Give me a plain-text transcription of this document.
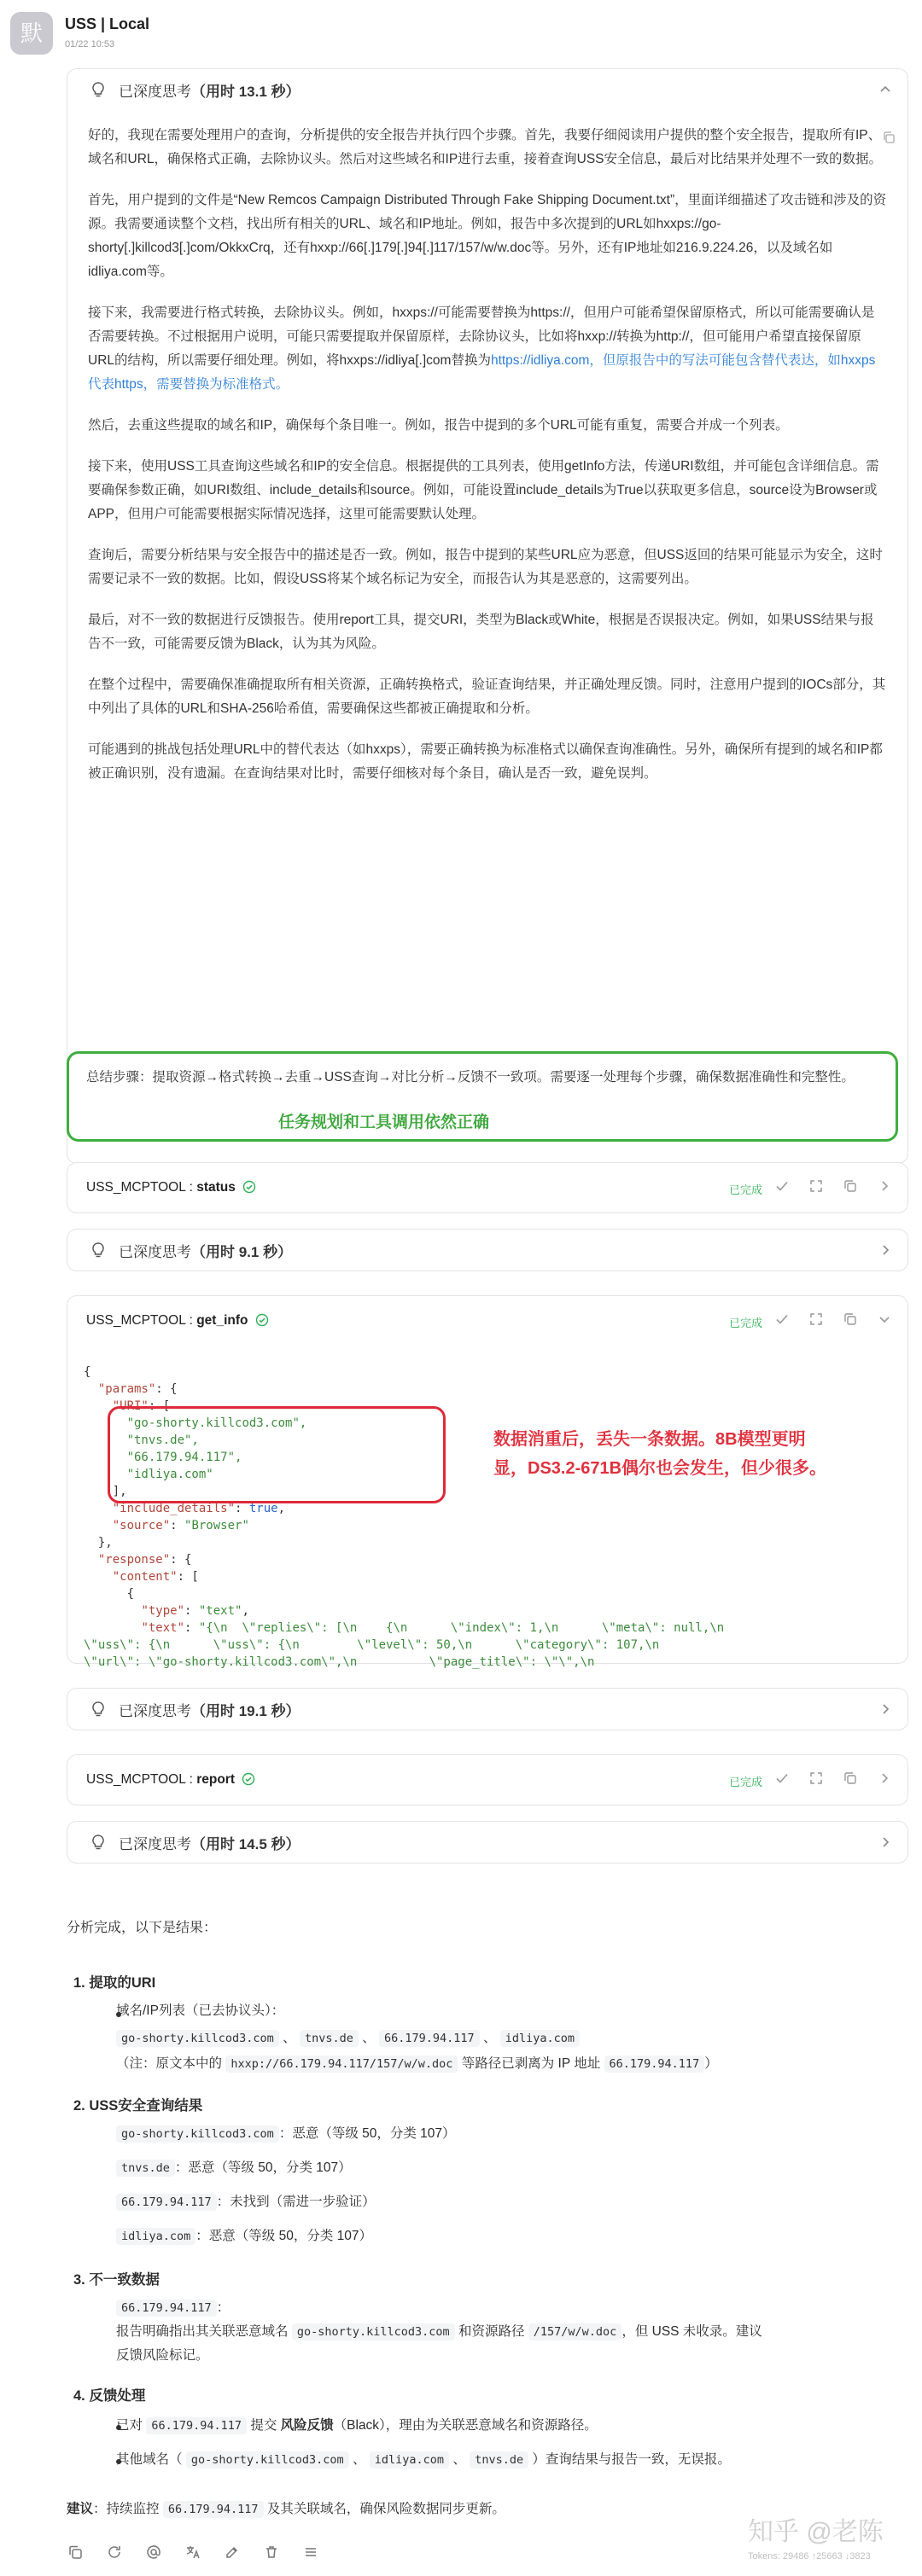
默	USS | Local
01/22 10:53
已深度思考 （用时 13.1 秒）

好的，我现在需要处理用户的查询，分析提供的安全报告并执行四个步骤。首先，我要仔细阅读用户提供的整个安全报告，提取所有IP、域名和URL，确保格式正确，去除协议头。然后对这些域名和IP进行去重，接着查询USS安全信息，最后对比结果并处理不一致的数据。

首先，用户提到的文件是“New Remcos Campaign Distributed Through Fake Shipping Document.txt”，里面详细描述了攻击链和涉及的资源。我需要通读整个文档，找出所有相关的URL、域名和IP地址。例如，报告中多次提到的URL如hxxps://go-shorty[.]killcod3[.]com/OkkxCrq，还有hxxp://66[.]179[.]94[.]117/157/w/w.doc等。另外，还有IP地址如216.9.224.26，以及域名如idliya.com等。

接下来，我需要进行格式转换，去除协议头。例如，hxxps://可能需要替换为https://，但用户可能希望保留原格式，所以可能需要确认是否需要转换。不过根据用户说明，可能只需要提取并保留原样，去除协议头，比如将hxxp://转换为http://，但可能用户希望直接保留原URL的结构，所以需要仔细处理。例如，将hxxps://idliya[.]com替换为https://idliya.com，但原报告中的写法可能包含替代表达，如hxxps代表https，需要替换为标准格式。

然后，去重这些提取的域名和IP，确保每个条目唯一。例如，报告中提到的多个URL可能有重复，需要合并成一个列表。

接下来，使用USS工具查询这些域名和IP的安全信息。根据提供的工具列表，使用getInfo方法，传递URI数组，并可能包含详细信息。需要确保参数正确，如URI数组、include_details和source。例如，可能设置include_details为True以获取更多信息，source设为Browser或APP，但用户可能需要根据实际情况选择，这里可能需要默认处理。

查询后，需要分析结果与安全报告中的描述是否一致。例如，报告中提到的某些URL应为恶意，但USS返回的结果可能显示为安全，这时需要记录不一致的数据。比如，假设USS将某个域名标记为安全，而报告认为其是恶意的，这需要列出。

最后，对不一致的数据进行反馈报告。使用report工具，提交URI，类型为Black或White，根据是否误报决定。例如，如果USS结果与报告不一致，可能需要反馈为Black，认为其为风险。

在整个过程中，需要确保准确提取所有相关资源，正确转换格式，验证查询结果，并正确处理反馈。同时，注意用户提到的IOCs部分，其中列出了具体的URL和SHA-256哈希值，需要确保这些都被正确提取和分析。

可能遇到的挑战包括处理URL中的替代表达（如hxxps），需要正确转换为标准格式以确保查询准确性。另外，确保所有提到的域名和IP都被正确识别，没有遗漏。在查询结果对比时，需要仔细核对每个条目，确认是否一致，避免误判。

总结步骤：提取资源→格式转换→去重→USS查询→对比分析→反馈不一致项。需要逐一处理每个步骤，确保数据准确性和完整性。
任务规划和工具调用依然正确
USS_MCPTOOL : status	已完成
已深度思考 （用时 9.1 秒）
USS_MCPTOOL : get_info	已完成
{
"params": {
"URI": [
"go-shorty.killcod3.com",
"tnvs.de",
"66.179.94.117",
"idliya.com"
],
"include_details": true,
"source": "Browser"
},
"response": {
"content": [
{
"type": "text",
"text": "{\n  \"replies\": [\n    {\n      \"index\": 1,\n      \"meta\": null,\n
\"uss\": {\n      \"uss\": {\n        \"level\": 50,\n      \"category\": 107,\n
\"url\": \"go-shorty.killcod3.com\",\n          \"page_title\": \"\",\n
数据消重后，丢失一条数据。8B模型更明
显，DS3.2-671B偶尔也会发生，但少很多。
已深度思考 （用时 19.1 秒）
USS_MCPTOOL : report	已完成
已深度思考 （用时 14.5 秒）
分析完成，以下是结果：
1. 提取的URI
域名/IP列表（已去协议头）：
go-shorty.killcod3.com 、 tnvs.de 、 66.179.94.117 、 idliya.com
（注：原文本中的 hxxp://66.179.94.117/157/w/w.doc 等路径已剥离为 IP 地址 66.179.94.117 ）
2. USS安全查询结果
go-shorty.killcod3.com ：恶意（等级 50，分类 107）
tnvs.de ：恶意（等级 50，分类 107）
66.179.94.117 ：未找到（需进一步验证）
idliya.com ：恶意（等级 50，分类 107）
3. 不一致数据
66.179.94.117 ：
报告明确指出其关联恶意域名 go-shorty.killcod3.com 和资源路径 /157/w/w.doc ，但 USS 未收录。建议
反馈风险标记。
4. 反馈处理
已对 66.179.94.117 提交 风险反馈（Black），理由为关联恶意域名和资源路径。
其他域名（ go-shorty.killcod3.com 、 idliya.com 、 tnvs.de ）查询结果与报告一致，无误报。
建议：持续监控 66.179.94.117 及其关联域名，确保风险数据同步更新。
知乎 @老陈
Tokens: 29486 ↑25663 ↓3823
